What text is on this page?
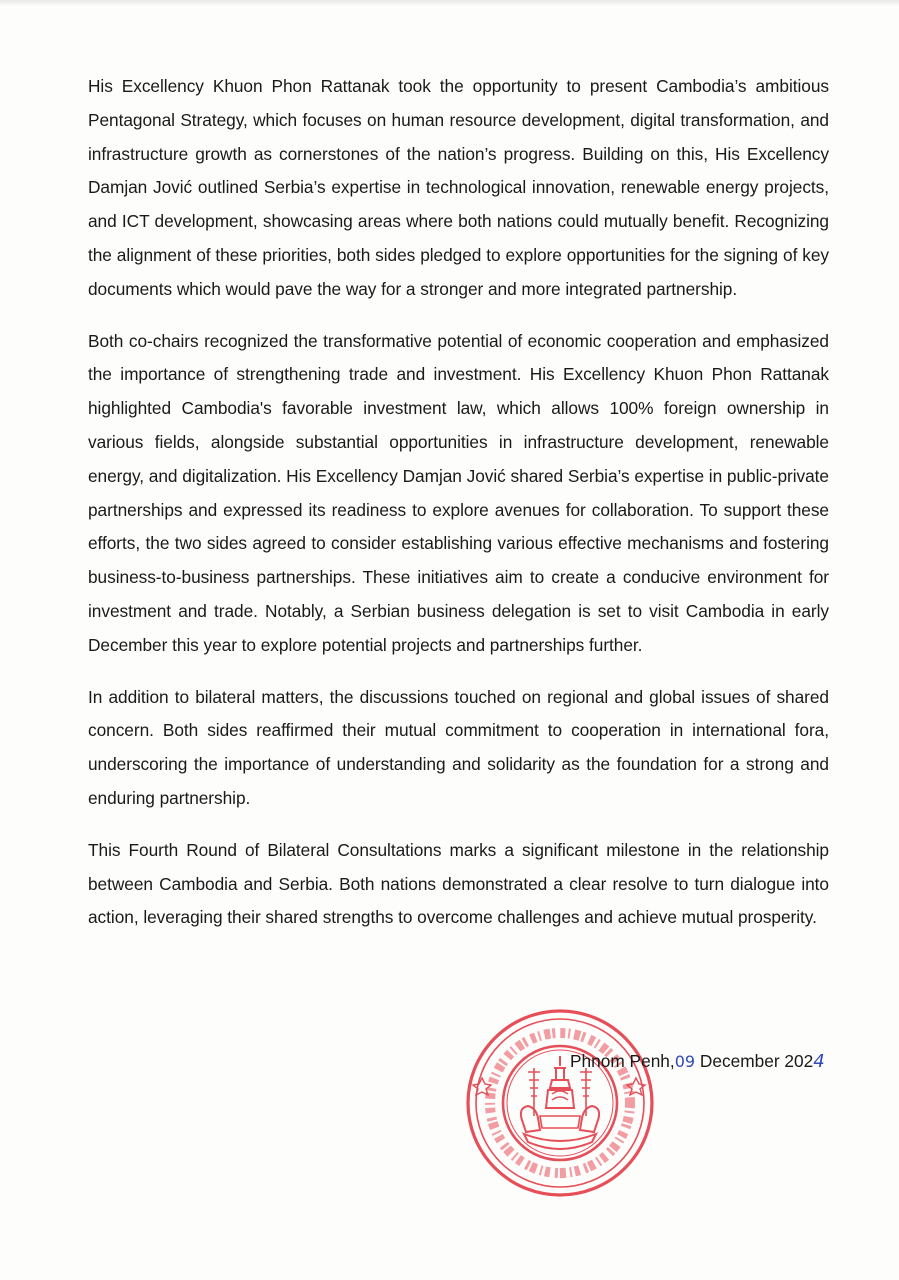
His Excellency Khuon Phon Rattanak took the opportunity to present Cambodia’s ambitious Pentagonal Strategy, which focuses on human resource development, digital transformation, and infrastructure growth as cornerstones of the nation’s progress. Building on this, His Excellency Damjan Jović outlined Serbia’s expertise in technological innovation, renewable energy projects, and ICT development, showcasing areas where both nations could mutually benefit. Recognizing the alignment of these priorities, both sides pledged to explore opportunities for the signing of key documents which would pave the way for a stronger and more integrated partnership.

Both co-chairs recognized the transformative potential of economic cooperation and emphasized the importance of strengthening trade and investment. His Excellency Khuon Phon Rattanak highlighted Cambodia's favorable investment law, which allows 100% foreign ownership in various fields, alongside substantial opportunities in infrastructure development, renewable energy, and digitalization. His Excellency Damjan Jović shared Serbia’s expertise in public-private partnerships and expressed its readiness to explore avenues for collaboration. To support these efforts, the two sides agreed to consider establishing various effective mechanisms and fostering business-to-business partnerships. These initiatives aim to create a conducive environment for investment and trade. Notably, a Serbian business delegation is set to visit Cambodia in early December this year to explore potential projects and partnerships further.

In addition to bilateral matters, the discussions touched on regional and global issues of shared concern. Both sides reaffirmed their mutual commitment to cooperation in international fora, underscoring the importance of understanding and solidarity as the foundation for a strong and enduring partnership.

This Fourth Round of Bilateral Consultations marks a significant milestone in the relationship between Cambodia and Serbia. Both nations demonstrated a clear resolve to turn dialogue into action, leveraging their shared strengths to overcome challenges and achieve mutual prosperity.

Phnom Penh,09 December 2024
